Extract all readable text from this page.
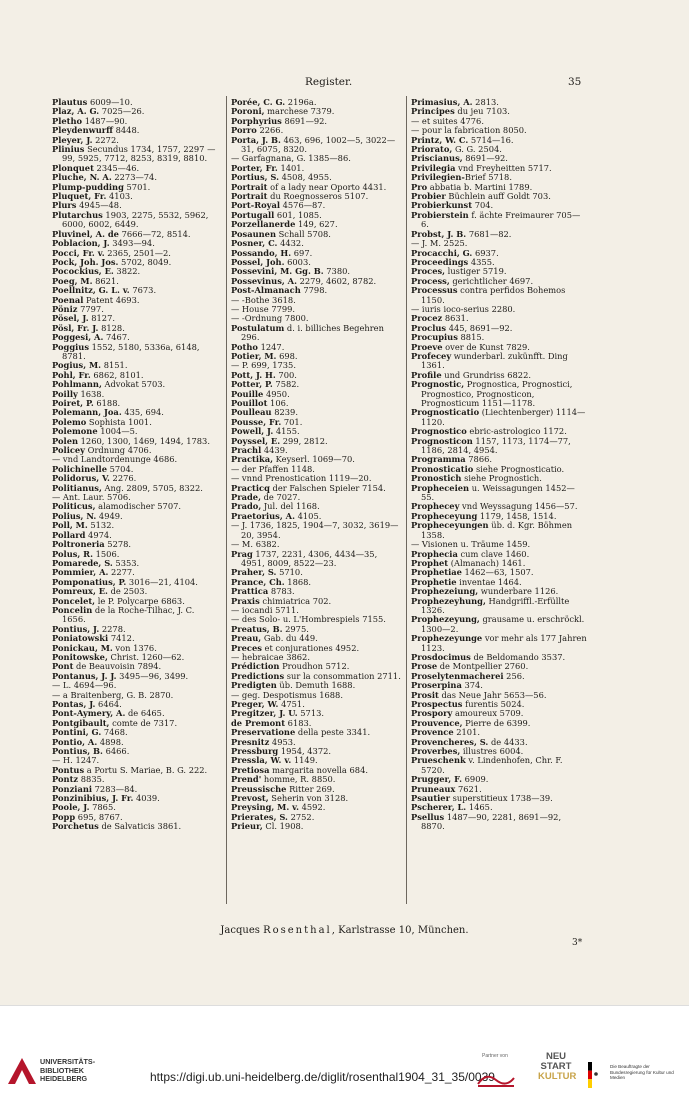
Register.	35

Plautus 6009—10.

Plaz, A. G. 7025—26.

Pletho 1487—90.

Pleydenwurff 8448.

Pleyer, J. 2272.

Plinius Secundus 1734, 1757, 2297 —99, 5925, 7712, 8253, 8319, 8810.

Plonquet 2345—46.

Pluche, N. A. 2273—74.

Plump-pudding 5701.

Pluquet, Fr. 4103.

Plurs 4945—48.

Plutarchus 1903, 2275, 5532, 5962, 6000, 6002, 6449.

Pluvinel, A. de 7666—72, 8514.

Poblacion, J. 3493—94.

Pocci, Fr. v. 2365, 2501—2.

Pock, Joh. Jos. 5702, 8049.

Pocockius, E. 3822.

Poeg, M. 8621.

Poellnitz, G. L. v. 7673.

Poenal Patent 4693.

Pöniz 7797.

Pösel, J. 8127.

Pösl, Fr. J. 8128.

Poggesi, A. 7467.

Poggius 1552, 5180, 5336a, 6148, 8781.

Pogius, M. 8151.

Pohl, Fr. 6862, 8101.

Pohlmann, Advokat 5703.

Poilly 1638.

Poiret, P. 6188.

Polemann, Joa. 435, 694.

Polemo Sophista 1001.

Polemone 1004—5.

Polen 1260, 1300, 1469, 1494, 1783.

Policey Ordnung 4706.

— vnd Landtordenunge 4686.

Polichinelle 5704.

Polidorus, V. 2276.

Politianus, Ang. 2809, 5705, 8322.

— Ant. Laur. 5706.

Politicus, alamodischer 5707.

Polius, N. 4949.

Poll, M. 5132.

Pollard 4974.

Poltroneria 5278.

Polus, R. 1506.

Pomarede, S. 5353.

Pommier, A. 2277.

Pomponatius, P. 3016—21, 4104.

Pomreux, E. de 2503.

Poncelet, le P. Polycarpe 6863.

Poncelin de la Roche-Tilhac, J. C. 1656.

Pontius, J. 2278.

Poniatowski 7412.

Ponickau, M. von 1376.

Ponitowske, Christ. 1260—62.

Pont de Beauvoisin 7894.

Pontanus, J. J. 3495—96, 3499.

— L. 4694—96.

— a Braitenberg, G. B. 2870.

Pontas, J. 6464.

Pont-Aymery, A. de 6465.

Pontgibault, comte de 7317.

Pontini, G. 7468.

Pontio, A. 4898.

Pontius, B. 6466.

— H. 1247.

Pontus a Portu S. Mariae, B. G. 222.

Pontz 8835.

Ponziani 7283—84.

Ponzinibius, J. Fr. 4039.

Poole, J. 7865.

Popp 695, 8767.

Porchetus de Salvaticis 3861.

Porée, C. G. 2196a.

Poroni, marchese 7379.

Porphyrius 8691—92.

Porro 2266.

Porta, J. B. 463, 696, 1002—5, 3022—31, 6075, 8320.

— Garfagnana, G. 1385—86.

Porter, Fr. 1401.

Portius, S. 4508, 4955.

Portrait of a lady near Oporto 4431.

Portrait du Roegnosseros 5107.

Port-Royal 4576—87.

Portugall 601, 1085.

Porzellanerde 149, 627.

Posaunen Schall 5708.

Posner, C. 4432.

Possando, H. 697.

Possel, Joh. 6003.

Possevini, M. Gg. B. 7380.

Possevinus, A. 2279, 4602, 8782.

Post-Almanach 7798.

— -Bothe 3618.

— House 7799.

— -Ordnung 7800.

Postulatum d. i. billiches Begehren 296.

Potho 1247.

Potier, M. 698.

— P. 699, 1735.

Pott, J. H. 700.

Potter, P. 7582.

Pouille 4950.

Pouillot 106.

Poulleau 8239.

Pousse, Fr. 701.

Powell, J. 4155.

Poyssel, E. 299, 2812.

Prachl 4439.

Practika, Keyserl. 1069—70.

— der Pfaffen 1148.

— vnnd Prenostication 1119—20.

Practicq der Falschen Spieler 7154.

Prade, de 7027.

Prado, Jul. del 1168.

Praetorius, A. 4105.

— J. 1736, 1825, 1904—7, 3032, 3619—20, 3954.

— M. 6382.

Prag 1737, 2231, 4306, 4434—35, 4951, 8009, 8522—23.

Praher, S. 5710.

Prance, Ch. 1868.

Prattica 8783.

Praxis chimiatrica 702.

— iocandi 5711.

— des Solo- u. L'Hombrespiels 7155.

Preatus, B. 2975.

Preau, Gab. du 449.

Preces et conjurationes 4952.

— hebraicae 3862.

Prédiction Proudhon 5712.

Predictions sur la consommation 2711.

Predigten üb. Demuth 1688.

— geg. Despotismus 1688.

Preger, W. 4751.

Pregitzer, J. U. 5713.

de Premont 6183.

Preservatione della peste 3341.

Presnitz 4953.

Pressburg 1954, 4372.

Pressla, W. v. 1149.

Pretiosa margarita novella 684.

Prend' homme, R. 8850.

Preussische Ritter 269.

Prevost, Seherin von 3128.

Preysing, M. v. 4592.

Prierates, S. 2752.

Prieur, Cl. 1908.

Primasius, A. 2813.

Principes du jeu 7103.

— et suites 4776.

— pour la fabrication 8050.

Printz, W. C. 5714—16.

Priorato, G. G. 2504.

Priscianus, 8691—92.

Privilegia vnd Freyheitten 5717.

Privilegien-Brief 5718.

Pro abbatia b. Martini 1789.

Probier Büchlein auff Goldt 703.

Probierkunst 704.

Probierstein f. ächte Freimaurer 705—6.

Probst, J. B. 7681—82.

— J. M. 2525.

Procacchi, G. 6937.

Proceedings 4355.

Proces, lustiger 5719.

Process, gerichtlicher 4697.

Processus contra perfidos Bohemos 1150.

— iuris ioco-serius 2280.

Procez 8631.

Proclus 445, 8691—92.

Procupius 8815.

Proeve over de Kunst 7829.

Profecey wunderbarl. zukünfft. Ding 1361.

Profile und Grundriss 6822.

Prognostic, Prognostica, Prognostici, Prognostico, Prognosticon, Prognosticum 1151—1178.

Prognosticatio (Liechtenberger) 1114—1120.

Prognostico ebric-astrologico 1172.

Prognosticon 1157, 1173, 1174—77, 1186, 2814, 4954.

Programma 7866.

Pronosticatio siehe Prognosticatio.

Pronostich siehe Prognostich.

Propheceien u. Weissagungen 1452—55.

Prophecey vnd Weyssagung 1456—57.

Propheceyung 1179, 1458, 1514.

Propheceyungen üb. d. Kgr. Böhmen 1358.

— Visionen u. Träume 1459.

Prophecia cum clave 1460.

Prophet (Almanach) 1461.

Prophetiae 1462—63, 1507.

Prophetie inventae 1464.

Prophezeiung, wunderbare 1126.

Prophezeyhung, Handgriffl.-Erfüllte 1326.

Prophezeyung, grausame u. erschröckl. 1300—2.

Prophezeyunge vor mehr als 177 Jahren 1123.

Prosdocimus de Beldomando 3537.

Prose de Montpellier 2760.

Proselytenmacherei 256.

Proserpina 374.

Prosit das Neue Jahr 5653—56.

Prospectus furentis 5024.

Prospory amoureux 5709.

Prouvence, Pierre de 6399.

Provence 2101.

Provencheres, S. de 4433.

Proverbes, illustres 6004.

Prueschenk v. Lindenhofen, Chr. F. 5720.

Prugger, F. 6909.

Pruneaux 7621.

Psautier superstitieux 1738—39.

Pscherer, L. 1465.

Psellus 1487—90, 2281, 8691—92, 8870.

Jacques Rosenthal, Karlstrasse 10, München.
3*
UNIVERSITÄTS-
BIBLIOTHEK
HEIDELBERG	https://digi.ub.uni-heidelberg.de/diglit/rosenthal1904_31_35/0039
Partner von	NEU
START
KULTUR
Die Beauftragte der Bundesregierung für Kultur und Medien
